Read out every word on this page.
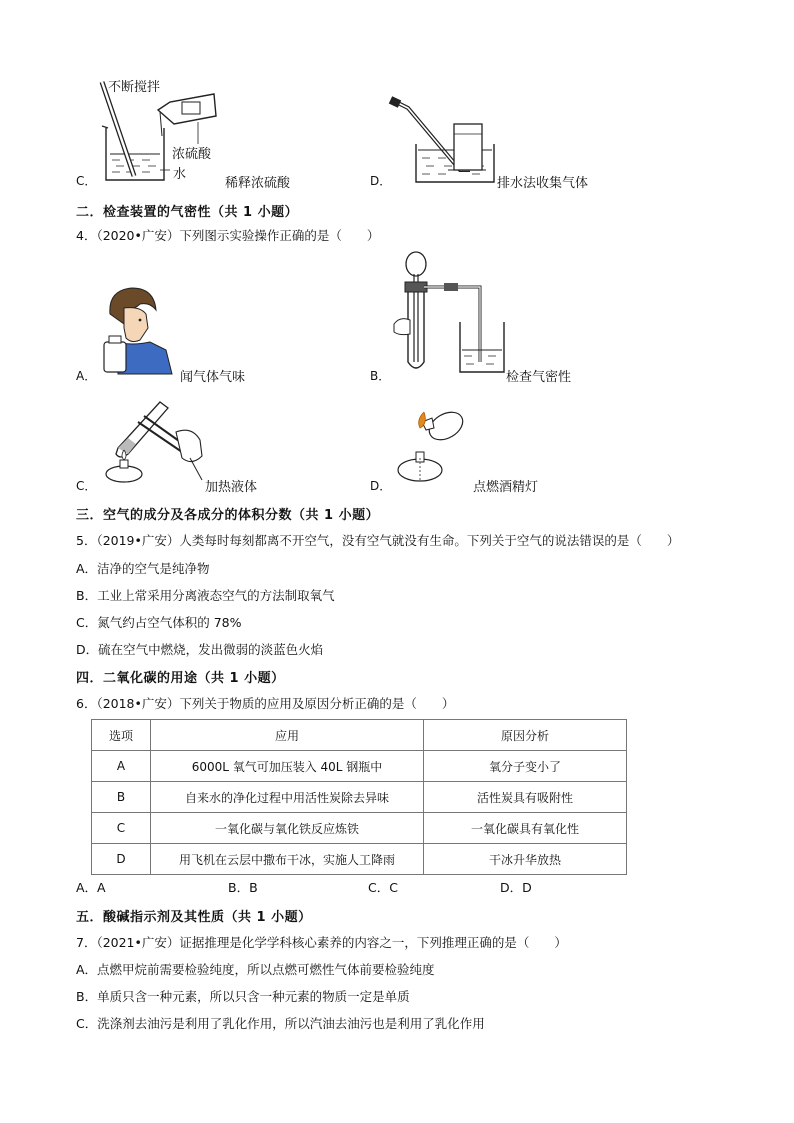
C．
不断搅拌
浓硫酸
水
稀释浓硫酸	D．	排水法收集气体
二．检查装置的气密性（共 1 小题）
4．（2020•广安）下列图示实验操作正确的是（　　）
A．	闻气体气味	B．	检查气密性
C．	加热液体	D．	点燃酒精灯
三．空气的成分及各成分的体积分数（共 1 小题）
5．（2019•广安）人类每时每刻都离不开空气，没有空气就没有生命。下列关于空气的说法错误的是（　　）
A．洁净的空气是纯净物
B．工业上常采用分离液态空气的方法制取氧气
C．氮气约占空气体积的 78%
D．硫在空气中燃烧，发出微弱的淡蓝色火焰
四．二氧化碳的用途（共 1 小题）
6．（2018•广安）下列关于物质的应用及原因分析正确的是（　　）
选项	应用	原因分析
A	6000L 氧气可加压装入 40L 钢瓶中	氧分子变小了
B	自来水的净化过程中用活性炭除去异味	活性炭具有吸附性
C	一氧化碳与氧化铁反应炼铁	一氧化碳具有氧化性
D	用飞机在云层中撒布干冰，实施人工降雨	干冰升华放热
A．A	B．B	C．C	D．D
五．酸碱指示剂及其性质（共 1 小题）
7．（2021•广安）证据推理是化学学科核心素养的内容之一，下列推理正确的是（　　）
A．点燃甲烷前需要检验纯度，所以点燃可燃性气体前要检验纯度
B．单质只含一种元素，所以只含一种元素的物质一定是单质
C．洗涤剂去油污是利用了乳化作用，所以汽油去油污也是利用了乳化作用
